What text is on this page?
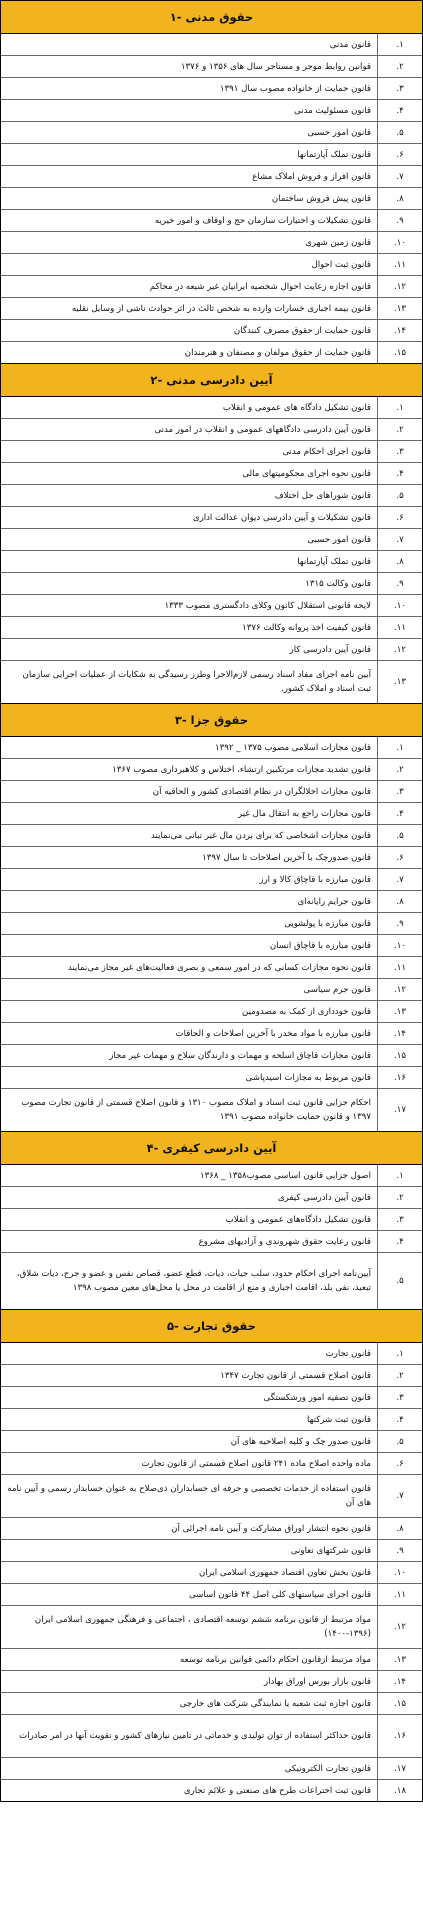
۱- حقوق مدنی
۱.
قانون مدنی
۲.
قوانین روابط موجر و مستاجر سال های ۱۳۵۶ و ۱۳۷۶
۳.
قانون حمایت از خانواده مصوب سال ۱۳۹۱
۴.
قانون مسئولیت مدنی
۵.
قانون امور حسبی
۶.
قانون تملک آپارتمانها
۷.
قانون افراز و فروش املاک مشاع
۸.
قانون پیش فروش ساختمان
۹.
قانون تشکیلات و اختیارات سازمان حج و اوقاف و امور خیریه
۱۰.
قانون زمین شهری
۱۱.
قانون ثبت احوال
۱۲.
قانون اجازه رعایت احوال شخصیه ایرانیان غیر شیعه در محاکم
۱۳.
قانون بیمه اجباری خسارات وارده به شخص ثالث در اثر حوادث ناشی از وسایل نقلیه
۱۴.
قانون حمایت از حقوق مصرف کنندگان
۱۵.
قانون حمایت از حقوق مولفان و مصنفان و هنرمندان
۲- آیین دادرسی مدنی
۱.
قانون تشکیل دادگاه های عمومی و انقلاب
۲.
قانون آیین دادرسی دادگاههای عمومی و انقلاب در امور مدنی
۳.
قانون اجرای احکام مدنی
۴.
قانون نحوه اجرای محکومیتهای مالی
۵.
قانون شوراهای حل اختلاف
۶.
قانون تشکیلات و آیین دادرسی دیوان عدالت اداری
۷.
قانون امور حسبی
۸.
قانون تملک آپارتمانها
۹.
قانون وکالت ۱۳۱۵
۱۰.
لایحه قانونی استقلال کانون وکلای دادگستری مصوب ۱۳۳۳
۱۱.
قانون کیفیت اخذ پروانه وکالت ۱۳۷۶
۱۲.
قانون آیین دادرسی کار
۱۳.
آیین نامه اجرای مفاد اسناد رسمی لازم‌الاجرا وطرز رسیدگی به شکایات از عملیات اجرایی سازمان ثبت اسناد و املاک کشور.
۳- حقوق جزا
۱.
قانون مجازات اسلامی مصوب ۱۳۷۵ _ ۱۳۹۲
۲.
قانون تشدید مجازات مرتکبین ارتشاء، اختلاس و کلاهبرداری مصوب ۱۳۶۷
۳.
قانون مجازات اخلالگران در نظام اقتصادی کشور و الحاقیه آن
۴.
قانون مجازات راجع به انتقال مال غیر
۵.
قانون مجازات اشخاصی که برای بردن مال غیر تبانی می‌نمایند
۶.
قانون صدورچک با آخرین اصلاحات تا سال ۱۳۹۷
۷.
قانون مبارزه با قاچاق کالا و ارز
۸.
قانون جرایم رایانه‌ای
۹.
قانون مبارزه با پولشویی
۱۰.
قانون مبارزه با قاچاق انسان
۱۱.
قانون نحوه مجازات کسانی که در امور سمعی و بصری فعالیت‌های غیر مجاز می‌نمایند
۱۲.
قانون جرم سیاسی
۱۳.
قانون خودداری از کمک به مصدومین
۱۴.
قانون مبارزه با مواد مخدر با آخرین اصلاحات و الحاقات
۱۵.
قانون مجازات قاچاق اسلحه و مهمات و دارندگان سلاح و مهمات غیر مجاز
۱۶.
قانون مربوط به مجازات اسیدپاشی
۱۷.
احکام جزایی قانون ثبت اسناد و املاک مصوب ۱۳۱۰ و قانون اصلاح قسمتی از قانون تجارت مصوب ۱۳۹۷ و قانون حمایت خانواده مصوب ۱۳۹۱
۴- آیین دادرسی کیفری
۱.
اصول جزایی قانون اساسی مصوب۱۳۵۸ _ ۱۳۶۸
۲.
قانون آیین دادرسی کیفری
۳.
قانون تشکیل دادگاه‌های عمومی و انقلاب
۴.
قانون رعایت حقوق شهروندی و آزادیهای مشروع
۵.
آیین‌نامه اجرای احکام حدود، سلب حیات، دیات، قطع عضو، قصاص نفس و عضو و جرح، دیات شلاق، تبعید، نفی بلد، اقامت اجباری و منع از اقامت در محل یا محل‌های معین مصوب ۱۳۹۸
۵- حقوق تجارت
۱.
قانون تجارت
۲.
قانون اصلاح قسمتی از قانون تجارت ۱۳۴۷
۳.
قانون تصفیه امور ورشکستگی
۴.
قانون ثبت شرکتها
۵.
قانون صدور چک و کلیه اصلاحیه های آن
۶.
ماده واحده اصلاح ماده ۲۴۱ قانون اصلاح قسمتی از قانون تجارت
۷.
قانون استفاده از خدمات تخصصی و حرفه ای حسابداران ذی‌صلاح به عنوان حسابدار رسمی و آیین نامه های آن
۸.
قانون نحوه انتشار اوراق مشارکت و آیین نامه اجرائی آن
۹.
قانون شرکتهای تعاونی
۱۰.
قانون بخش تعاون اقتصاد جمهوری اسلامی ایران
۱۱.
قانون اجرای سیاستهای کلی اصل ۴۴ قانون اساسی
۱۲.
مواد مرتبط از قانون برنامه ششم توسعه اقتصادی ، اجتماعی و فرهنگی جمهوری اسلامی ایران (۱۳۹۶-۱۴۰۰)
۱۳.
مواد مرتبط ازقانون احکام دائمی قوانین برنامه توسعه
۱۴.
قانون بازار بورس اوراق بهادار
۱۵.
قانون اجازه ثبت شعبه یا نمایندگی شرکت های خارجی
۱۶.
قانون حداکثر استفاده از توان تولیدی و خدماتی در تامین نیازهای کشور و تقویت آنها در امر صادرات
۱۷.
قانون تجارت الکترونیکی
۱۸.
قانون ثبت اختراعات طرح های صنعتی و علائم تجاری
